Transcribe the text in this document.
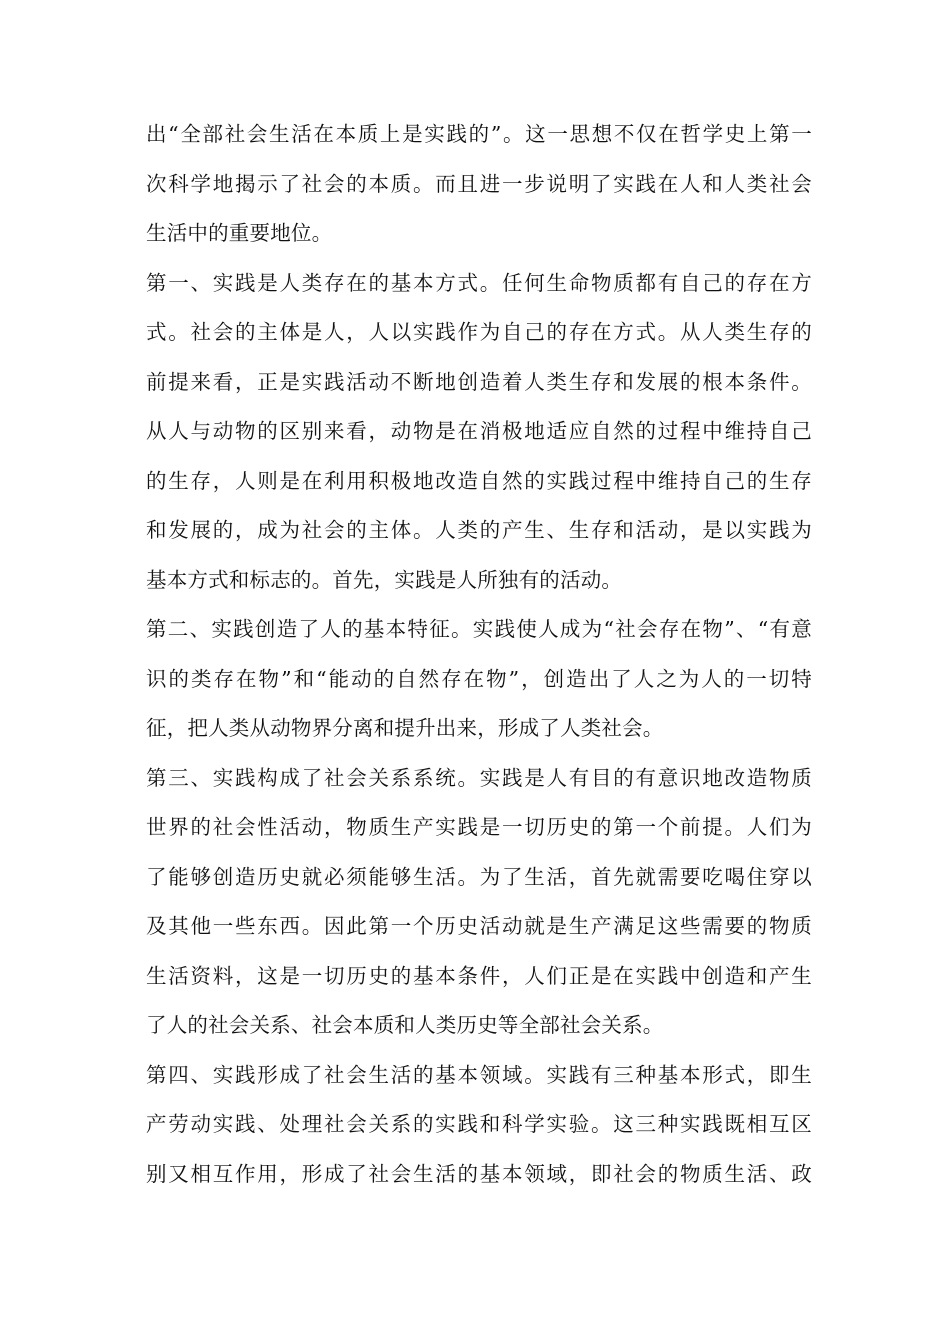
出“全部社会生活在本质上是实践的”。这一思想不仅在哲学史上第一
次科学地揭示了社会的本质。而且进一步说明了实践在人和人类社会
生活中的重要地位。
第一、实践是人类存在的基本方式。任何生命物质都有自己的存在方
式。社会的主体是人，人以实践作为自己的存在方式。从人类生存的
前提来看，正是实践活动不断地创造着人类生存和发展的根本条件。
从人与动物的区别来看，动物是在消极地适应自然的过程中维持自己
的生存，人则是在利用积极地改造自然的实践过程中维持自己的生存
和发展的，成为社会的主体。人类的产生、生存和活动，是以实践为
基本方式和标志的。首先，实践是人所独有的活动。
第二、实践创造了人的基本特征。实践使人成为“社会存在物”、“有意
识的类存在物”和“能动的自然存在物”，创造出了人之为人的一切特
征，把人类从动物界分离和提升出来，形成了人类社会。
第三、实践构成了社会关系系统。实践是人有目的有意识地改造物质
世界的社会性活动，物质生产实践是一切历史的第一个前提。人们为
了能够创造历史就必须能够生活。为了生活，首先就需要吃喝住穿以
及其他一些东西。因此第一个历史活动就是生产满足这些需要的物质
生活资料，这是一切历史的基本条件，人们正是在实践中创造和产生
了人的社会关系、社会本质和人类历史等全部社会关系。
第四、实践形成了社会生活的基本领域。实践有三种基本形式，即生
产劳动实践、处理社会关系的实践和科学实验。这三种实践既相互区
别又相互作用，形成了社会生活的基本领域，即社会的物质生活、政
